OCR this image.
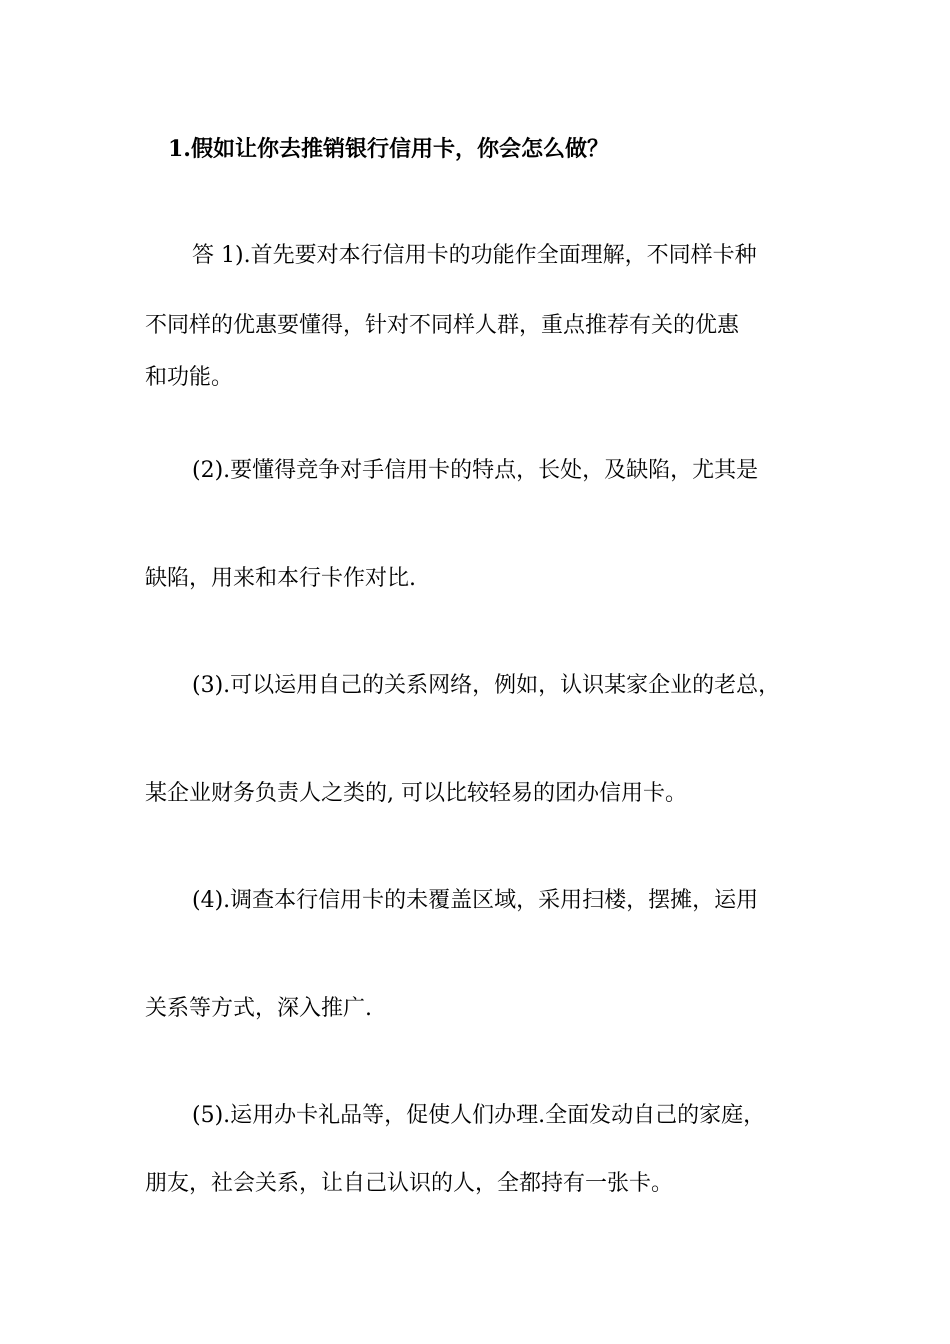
1.假如让你去推销银行信用卡，你会怎么做？
答 1).首先要对本行信用卡的功能作全面理解，不同样卡种
不同样的优惠要懂得，针对不同样人群，重点推荐有关的优惠
和功能。
(2).要懂得竞争对手信用卡的特点，长处，及缺陷，尤其是
缺陷，用来和本行卡作对比.
(3).可以运用自己的关系网络，例如，认识某家企业的老总，
某企业财务负责人之类的, 可以比较轻易的团办信用卡。
(4).调查本行信用卡的未覆盖区域，采用扫楼，摆摊，运用
关系等方式，深入推广.
(5).运用办卡礼品等，促使人们办理.全面发动自己的家庭，
朋友，社会关系，让自己认识的人，全都持有一张卡。
